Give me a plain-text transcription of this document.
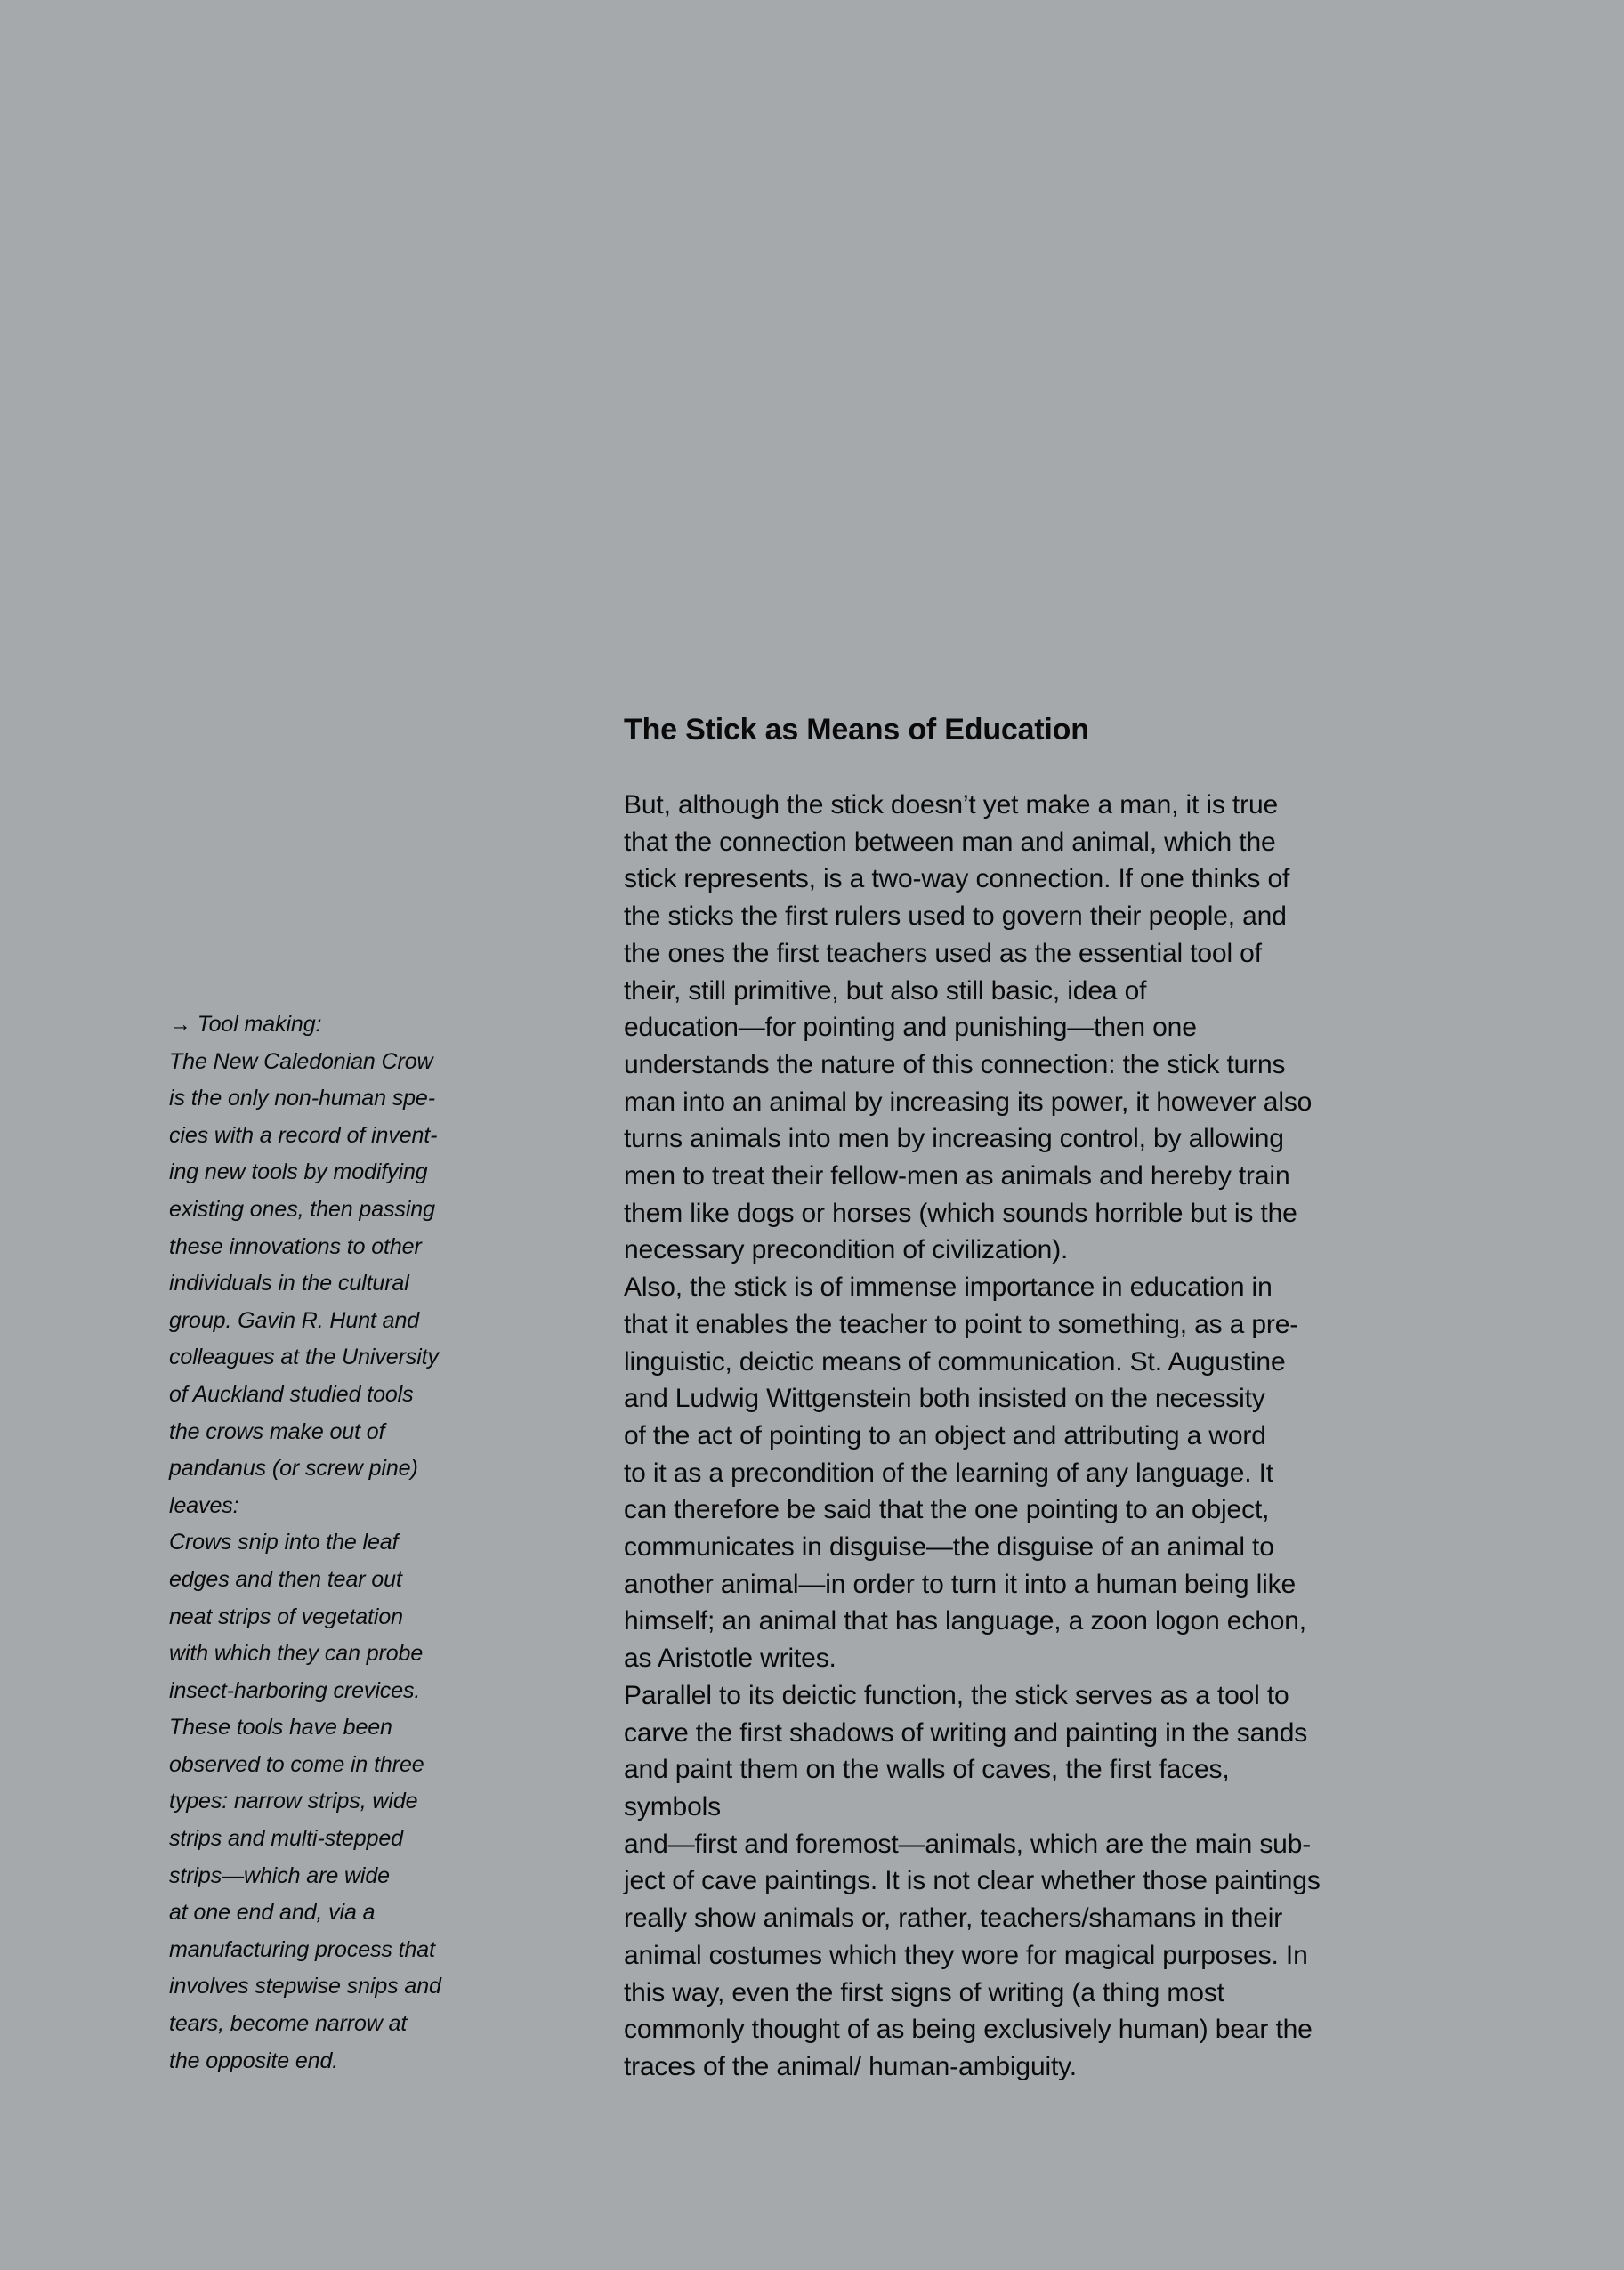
→ Tool making:
The New Caledonian Crow
is the only non-human spe-
cies with a record of invent-
ing new tools by modifying
existing ones, then passing
these innovations to other
individuals in the cultural
group. Gavin R. Hunt and
colleagues at the University
of Auckland studied tools
the crows make out of
pandanus (or screw pine)
leaves:
Crows snip into the leaf
edges and then tear out
neat strips of vegetation
with which they can probe
insect-harboring crevices.
These tools have been
observed to come in three
types: narrow strips, wide
strips and multi-stepped
strips—which are wide
at one end and, via a
manufacturing process that
involves stepwise snips and
tears, become narrow at
the opposite end.
The Stick as Means of Education
But, although the stick doesn’t yet make a man, it is true
that the connection between man and animal, which the
stick represents, is a two-way connection. If one thinks of
the sticks the first rulers used to govern their people, and
the ones the first teachers used as the essential tool of
their, still primitive, but also still basic, idea of
education—for pointing and punishing—then one
understands the nature of this connection: the stick turns
man into an animal by increasing its power, it however also
turns animals into men by increasing control, by allowing
men to treat their fellow-men as animals and hereby train
them like dogs or horses (which sounds horrible but is the
necessary precondition of civilization).
Also, the stick is of immense importance in education in
that it enables the teacher to point to something, as a pre-
linguistic, deictic means of communication. St. Augustine
and Ludwig Wittgenstein both insisted on the necessity
of the act of pointing to an object and attributing a word
to it as a precondition of the learning of any language. It
can therefore be said that the one pointing to an object,
communicates in disguise—the disguise of an animal to
another animal—in order to turn it into a human being like
himself; an animal that has language, a zoon logon echon,
as Aristotle writes.
Parallel to its deictic function, the stick serves as a tool to
carve the first shadows of writing and painting in the sands
and paint them on the walls of caves, the first faces,
symbols
and—first and foremost—animals, which are the main sub-
ject of cave paintings. It is not clear whether those paintings
really show animals or, rather, teachers/shamans in their
animal costumes which they wore for magical purposes. In
this way, even the first signs of writing (a thing most
commonly thought of as being exclusively human) bear the
traces of the animal/ human-ambiguity.
